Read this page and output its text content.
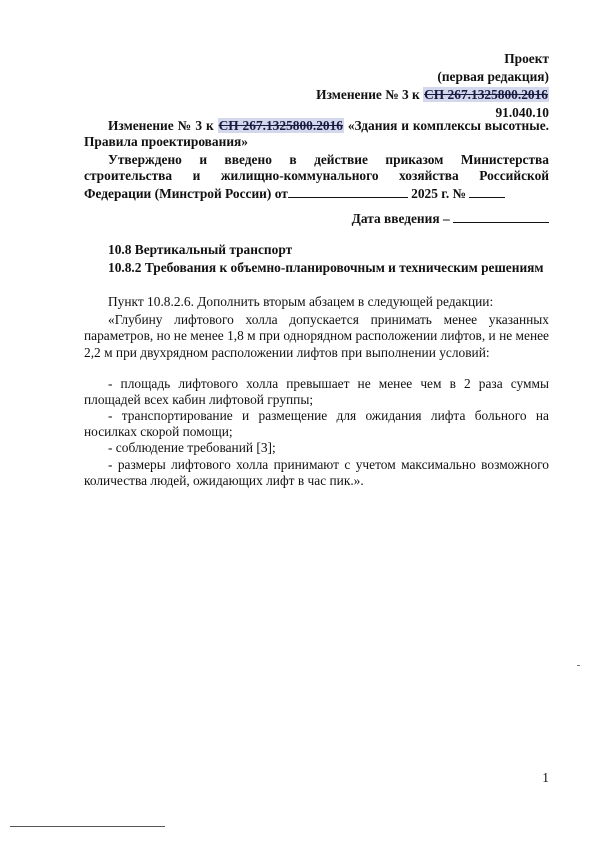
Проект
(первая редакция)
Изменение № 3 к СП 267.1325800.2016
91.040.10
Изменение № 3 к СП 267.1325800.2016 «Здания и комплексы высотные. Правила проектирования»
Утверждено и введено в действие приказом Министерства строительства и жилищно-коммунального хозяйства Российской Федерации (Минстрой России) от	2025 г. №
Дата введения –
10.8 Вертикальный транспорт
10.8.2 Требования к объемно-планировочным и техническим решениям
Пункт 10.8.2.6. Дополнить вторым абзацем в следующей редакции:
«Глубину лифтового холла допускается принимать менее указанных параметров, но не менее 1,8 м при однорядном расположении лифтов, и не менее 2,2 м при двухрядном расположении лифтов при выполнении условий:
- площадь лифтового холла превышает не менее чем в 2 раза суммы площадей всех кабин лифтовой группы;
- транспортирование и размещение для ожидания лифта больного на носилках скорой помощи;
- соблюдение требований [3];
- размеры лифтового холла принимают с учетом максимально возможного количества людей, ожидающих лифт в час пик.».
1
